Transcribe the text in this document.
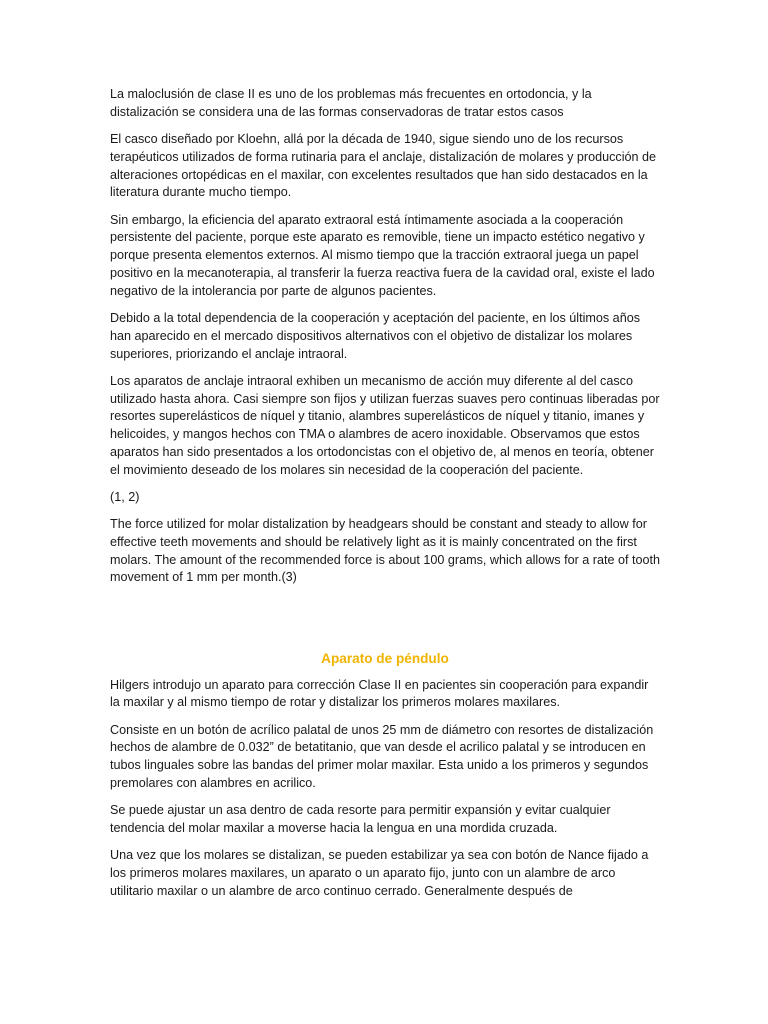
La maloclusión de clase II es uno de los problemas más frecuentes en ortodoncia, y la distalización se considera una de las formas conservadoras de tratar estos casos

El casco diseñado por Kloehn, allá por la década de 1940, sigue siendo uno de los recursos terapéuticos utilizados de forma rutinaria para el anclaje, distalización de molares y producción de alteraciones ortopédicas en el maxilar, con excelentes resultados que han sido destacados en la literatura durante mucho tiempo.

Sin embargo, la eficiencia del aparato extraoral está íntimamente asociada a la cooperación persistente del paciente, porque este aparato es removible, tiene un impacto estético negativo y porque presenta elementos externos. Al mismo tiempo que la tracción extraoral juega un papel positivo en la mecanoterapia, al transferir la fuerza reactiva fuera de la cavidad oral, existe el lado negativo de la intolerancia por parte de algunos pacientes.

Debido a la total dependencia de la cooperación y aceptación del paciente, en los últimos años han aparecido en el mercado dispositivos alternativos con el objetivo de distalizar los molares superiores, priorizando el anclaje intraoral.

Los aparatos de anclaje intraoral exhiben un mecanismo de acción muy diferente al del casco utilizado hasta ahora. Casi siempre son fijos y utilizan fuerzas suaves pero continuas liberadas por resortes superelásticos de níquel y titanio, alambres superelásticos de níquel y titanio, imanes y helicoides, y mangos hechos con TMA o alambres de acero inoxidable. Observamos que estos aparatos han sido presentados a los ortodoncistas con el objetivo de, al menos en teoría, obtener el movimiento deseado de los molares sin necesidad de la cooperación del paciente.

(1, 2)

The force utilized for molar distalization by headgears should be constant and steady to allow for effective teeth movements and should be relatively light as it is mainly concentrated on the first molars. The amount of the recommended force is about 100 grams, which allows for a rate of tooth movement of 1 mm per month.(3)

Aparato de péndulo

Hilgers introdujo un aparato para corrección Clase II en pacientes sin cooperación para expandir la maxilar y al mismo tiempo de rotar y distalizar los primeros molares maxilares.

Consiste en un botón de acrílico palatal de unos 25 mm de diámetro con resortes de distalización hechos de alambre de 0.032” de betatitanio, que van desde el acrilico palatal y se introducen en tubos linguales sobre las bandas del primer molar maxilar. Esta unido a los primeros y segundos premolares con alambres en acrilico.

Se puede ajustar un asa dentro de cada resorte para permitir expansión y evitar cualquier tendencia del molar maxilar a moverse hacia la lengua en una mordida cruzada.

Una vez que los molares se distalizan, se pueden estabilizar ya sea con botón de Nance fijado a los primeros molares maxilares, un aparato o un aparato fijo, junto con un alambre de arco utilitario maxilar o un alambre de arco continuo cerrado. Generalmente después de
